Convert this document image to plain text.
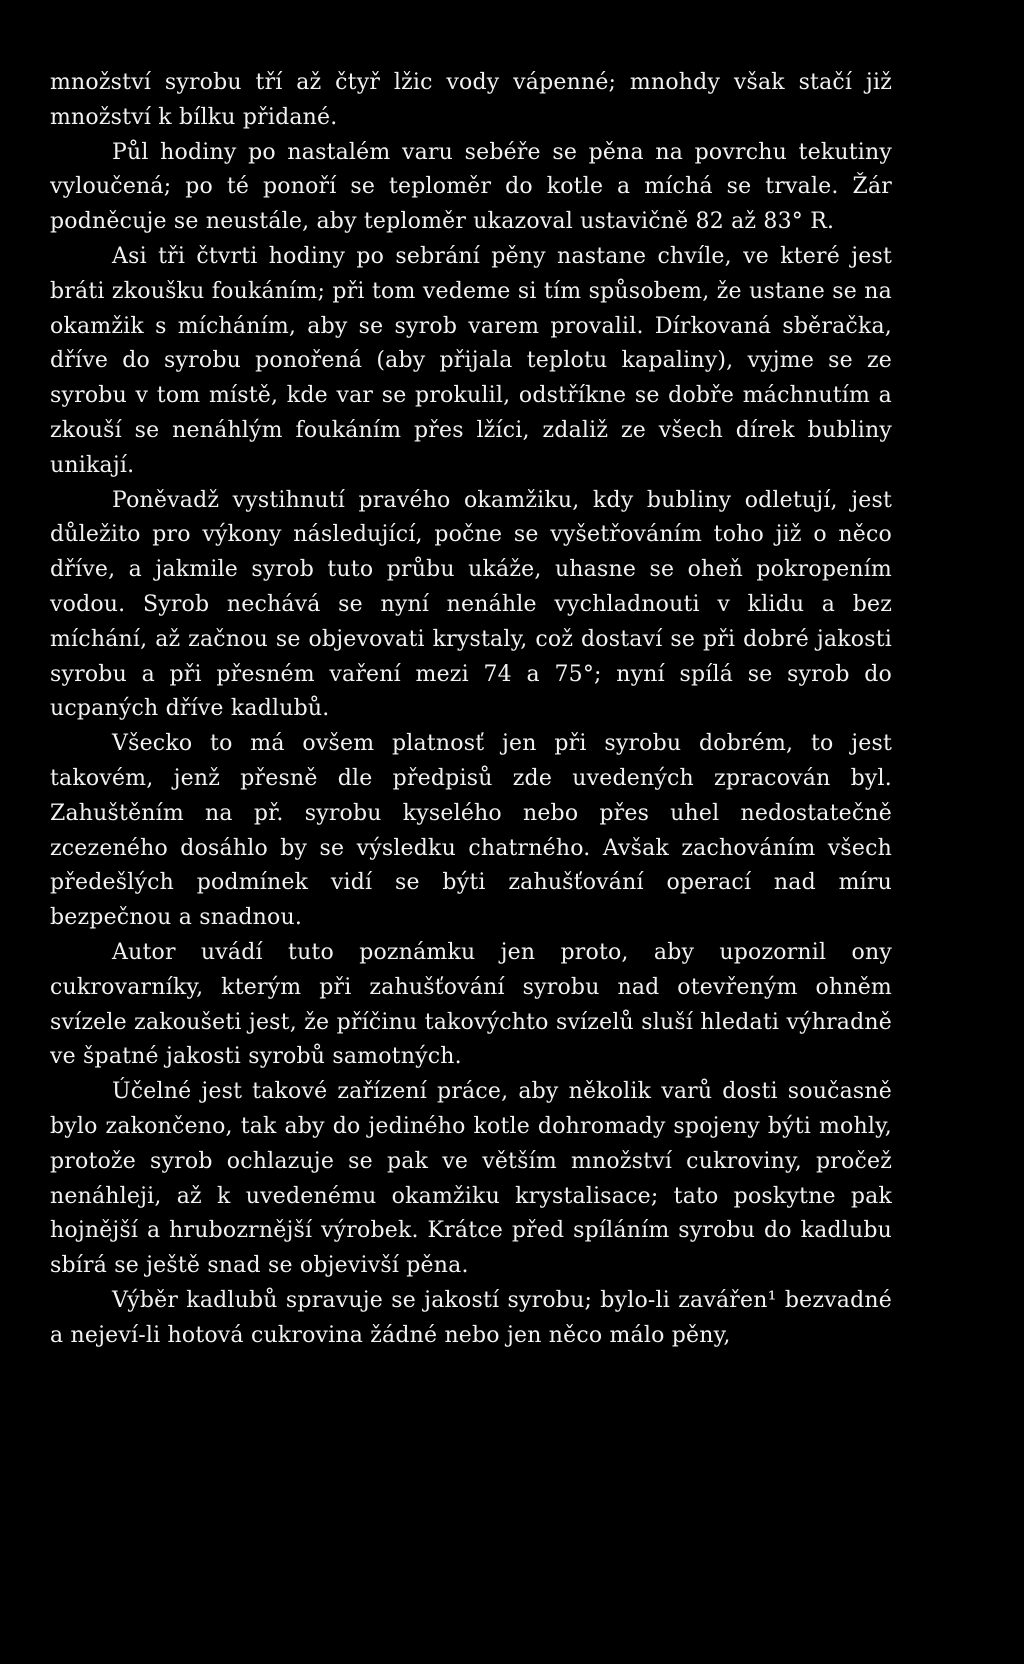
množství syrobu tří až čtyř lžic vody vápenné; mnohdy však stačí již množství k bílku přidané.

Půl hodiny po nastalém varu sebéře se pěna na povrchu tekutiny vyloučená; po té ponoří se teploměr do kotle a míchá se trvale. Žár podněcuje se neustále, aby teploměr ukazoval ustavičně 82 až 83° R.

Asi tři čtvrti hodiny po sebrání pěny nastane chvíle, ve které jest bráti zkoušku foukáním; při tom vedeme si tím spůsobem, že ustane se na okamžik s mícháním, aby se syrob varem provalil. Dírkovaná sběračka, dříve do syrobu ponořená (aby přijala teplotu kapaliny), vyjme se ze syrobu v tom místě, kde var se prokulil, odstříkne se dobře máchnutím a zkouší se nenáhlým foukáním přes lžíci, zdaliž ze všech dírek bubliny unikají.

Poněvadž vystihnutí pravého okamžiku, kdy bubliny odletují, jest důležito pro výkony následující, počne se vyšetřováním toho již o něco dříve, a jakmile syrob tuto průbu ukáže, uhasne se oheň pokropením vodou. Syrob nechává se nyní nenáhle vychladnouti v klidu a bez míchání, až začnou se objevovati krystaly, což dostaví se při dobré jakosti syrobu a při přesném vaření mezi 74 a 75°; nyní spílá se syrob do ucpaných dříve kadlubů.

Všecko to má ovšem platnosť jen při syrobu dobrém, to jest takovém, jenž přesně dle předpisů zde uvedených zpracován byl. Zahuštěním na př. syrobu kyselého nebo přes uhel nedostatečně zcezeného dosáhlo by se výsledku chatrného. Avšak zachováním všech předešlých podmínek vidí se býti zahušťování operací nad míru bezpečnou a snadnou.

Autor uvádí tuto poznámku jen proto, aby upozornil ony cukrovarníky, kterým při zahušťování syrobu nad otevřeným ohněm svízele zakoušeti jest, že příčinu takovýchto svízelů sluší hledati výhradně ve špatné jakosti syrobů samotných.

Účelné jest takové zařízení práce, aby několik varů dosti současně bylo zakončeno, tak aby do jediného kotle dohromady spojeny býti mohly, protože syrob ochlazuje se pak ve větším množství cukroviny, pročež nenáhleji, až k uvedenému okamžiku krystalisace; tato poskytne pak hojnější a hrubozrnější výrobek. Krátce před spíláním syrobu do kadlubu sbírá se ještě snad se objevivší pěna.

Výběr kadlubů spravuje se jakostí syrobu; bylo-li zavářen¹ bezvadné a nejeví-li hotová cukrovina žádné nebo jen něco málo pěny,
